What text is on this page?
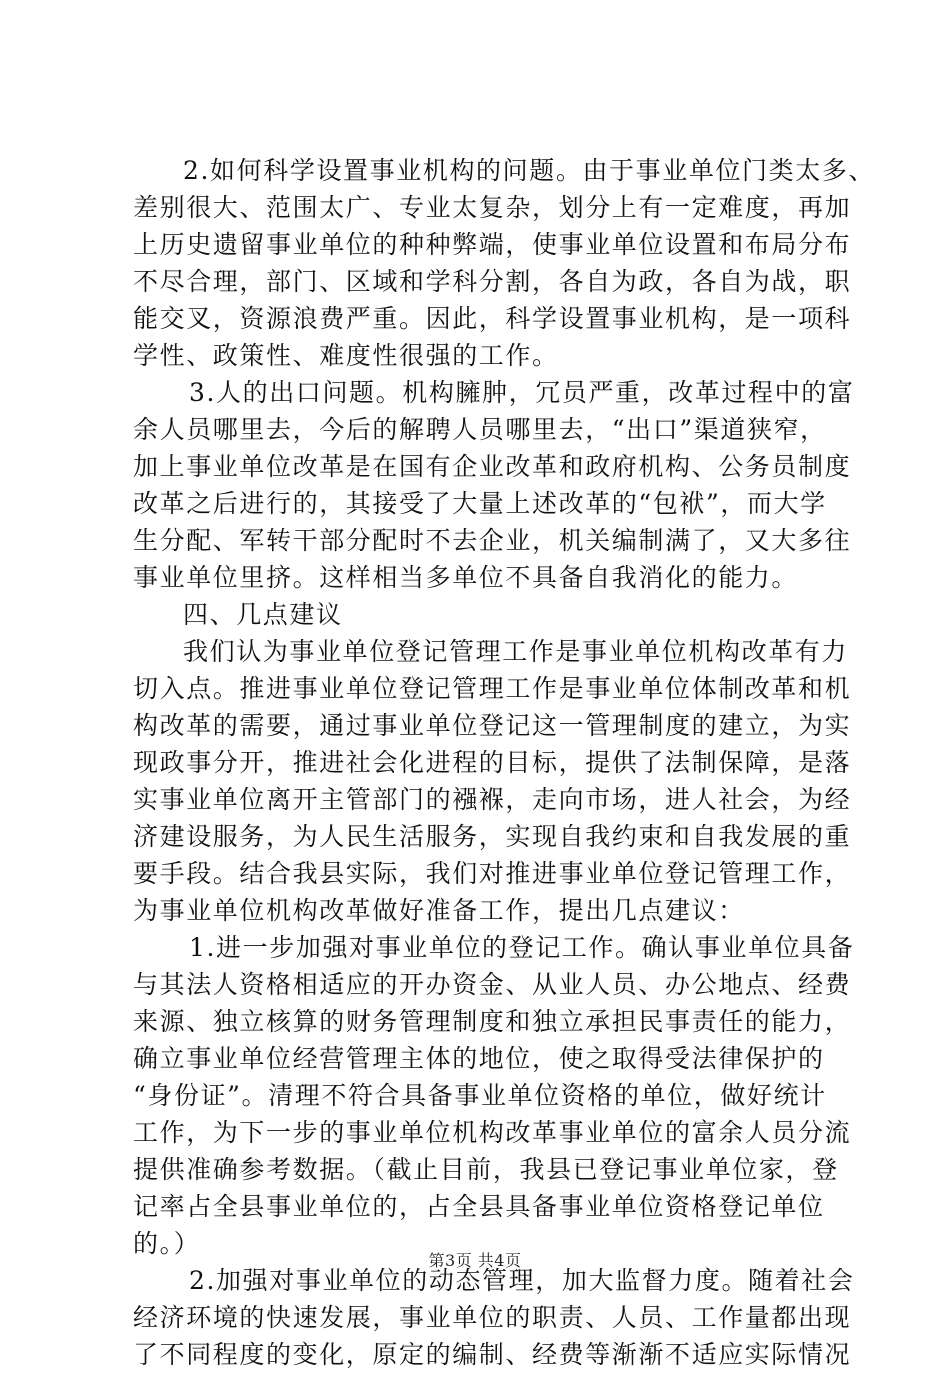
2.如何科学设置事业机构的问题。由于事业单位门类太多、
差别很大、范围太广、专业太复杂，划分上有一定难度，再加
上历史遗留事业单位的种种弊端，使事业单位设置和布局分布
不尽合理，部门、区域和学科分割，各自为政，各自为战，职
能交叉，资源浪费严重。因此，科学设置事业机构，是一项科
学性、政策性、难度性很强的工作。
3.人的出口问题。机构臃肿，冗员严重，改革过程中的富
余人员哪里去，今后的解聘人员哪里去，“出口”渠道狭窄，
加上事业单位改革是在国有企业改革和政府机构、公务员制度
改革之后进行的，其接受了大量上述改革的“包袱”，而大学
生分配、军转干部分配时不去企业，机关编制满了，又大多往
事业单位里挤。这样相当多单位不具备自我消化的能力。
四、几点建议
我们认为事业单位登记管理工作是事业单位机构改革有力
切入点。推进事业单位登记管理工作是事业单位体制改革和机
构改革的需要，通过事业单位登记这一管理制度的建立，为实
现政事分开，推进社会化进程的目标，提供了法制保障，是落
实事业单位离开主管部门的襁褓，走向市场，进人社会，为经
济建设服务，为人民生活服务，实现自我约束和自我发展的重
要手段。结合我县实际，我们对推进事业单位登记管理工作，
为事业单位机构改革做好准备工作，提出几点建议：
1.进一步加强对事业单位的登记工作。确认事业单位具备
与其法人资格相适应的开办资金、从业人员、办公地点、经费
来源、独立核算的财务管理制度和独立承担民事责任的能力，
确立事业单位经营管理主体的地位，使之取得受法律保护的
“身份证”。清理不符合具备事业单位资格的单位，做好统计
工作，为下一步的事业单位机构改革事业单位的富余人员分流
提供准确参考数据。（截止目前，我县已登记事业单位家，登
记率占全县事业单位的，占全县具备事业单位资格登记单位
的。）
2.加强对事业单位的动态管理，加大监督力度。随着社会
经济环境的快速发展，事业单位的职责、人员、工作量都出现
了不同程度的变化，原定的编制、经费等渐渐不适应实际情况
第3页 共4页
